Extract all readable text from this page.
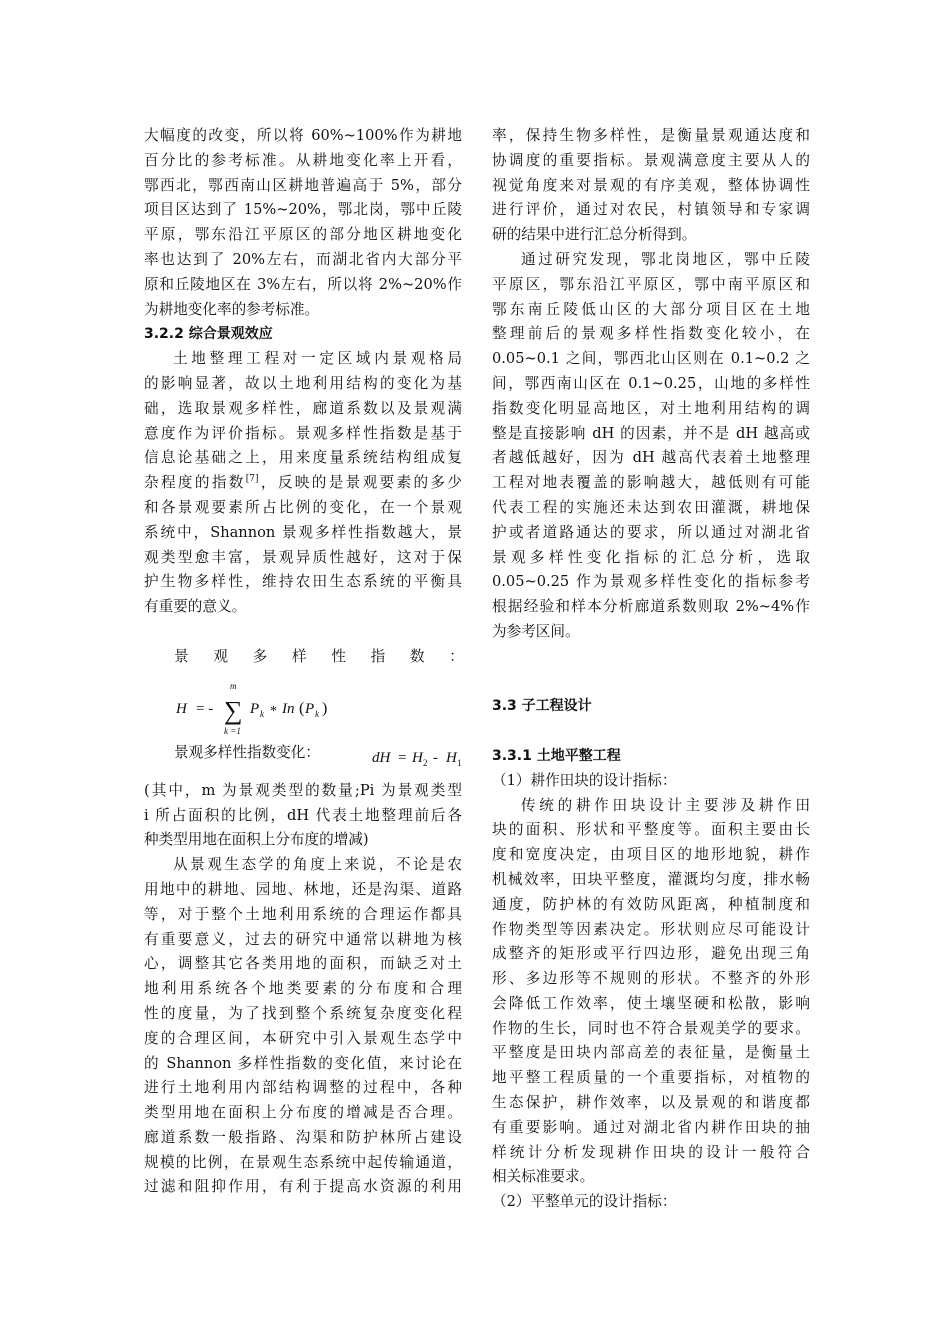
大幅度的改变，所以将 60%~100%作为耕地
百分比的参考标准。从耕地变化率上开看，
鄂西北，鄂西南山区耕地普遍高于 5%，部分
项目区达到了 15%~20%，鄂北岗，鄂中丘陵
平原，鄂东沿江平原区的部分地区耕地变化
率也达到了 20%左右，而湖北省内大部分平
原和丘陵地区在 3%左右，所以将 2%~20%作
为耕地变化率的参考标准。
3.2.2 综合景观效应
土地整理工程对一定区域内景观格局
的影响显著，故以土地利用结构的变化为基
础，选取景观多样性，廊道系数以及景观满
意度作为评价指标。景观多样性指数是基于
信息论基础之上，用来度量系统结构组成复
杂程度的指数[7]，反映的是景观要素的多少
和各景观要素所占比例的变化，在一个景观
系统中，Shannon 景观多样性指数越大，景
观类型愈丰富，景观异质性越好，这对于保
护生物多样性，维持农田生态系统的平衡具
有重要的意义。
景 观 多 样 性 指 数 ：
H = -
m
∑
k =1
P k * In ( P k )
景观多样性指数变化：	dH = H 2 - H 1
(其中，m 为景观类型的数量;Pi 为景观类型
i 所占面积的比例，dH 代表土地整理前后各
种类型用地在面积上分布度的增减)
从景观生态学的角度上来说，不论是农
用地中的耕地、园地、林地，还是沟渠、道路
等，对于整个土地利用系统的合理运作都具
有重要意义，过去的研究中通常以耕地为核
心，调整其它各类用地的面积，而缺乏对土
地利用系统各个地类要素的分布度和合理
性的度量，为了找到整个系统复杂度变化程
度的合理区间，本研究中引入景观生态学中
的 Shannon 多样性指数的变化值，来讨论在
进行土地利用内部结构调整的过程中，各种
类型用地在面积上分布度的增减是否合理。
廊道系数一般指路、沟渠和防护林所占建设
规模的比例，在景观生态系统中起传输通道，
过滤和阻抑作用，有利于提高水资源的利用
率，保持生物多样性，是衡量景观通达度和
协调度的重要指标。景观满意度主要从人的
视觉角度来对景观的有序美观，整体协调性
进行评价，通过对农民，村镇领导和专家调
研的结果中进行汇总分析得到。
通过研究发现，鄂北岗地区，鄂中丘陵
平原区，鄂东沿江平原区，鄂中南平原区和
鄂东南丘陵低山区的大部分项目区在土地
整理前后的景观多样性指数变化较小，在
0.05~0.1 之间，鄂西北山区则在 0.1~0.2 之
间，鄂西南山区在 0.1~0.25，山地的多样性
指数变化明显高地区，对土地利用结构的调
整是直接影响 dH 的因素，并不是 dH 越高或
者越低越好，因为 dH 越高代表着土地整理
工程对地表覆盖的影响越大，越低则有可能
代表工程的实施还未达到农田灌溉，耕地保
护或者道路通达的要求，所以通过对湖北省
景观多样性变化指标的汇总分析，选取
0.05~0.25 作为景观多样性变化的指标参考
根据经验和样本分析廊道系数则取 2%~4%作
为参考区间。
3.3 子工程设计
3.3.1 土地平整工程
（1）耕作田块的设计指标：
传统的耕作田块设计主要涉及耕作田
块的面积、形状和平整度等。面积主要由长
度和宽度决定，由项目区的地形地貌，耕作
机械效率，田块平整度，灌溉均匀度，排水畅
通度，防护林的有效防风距离，种植制度和
作物类型等因素决定。形状则应尽可能设计
成整齐的矩形或平行四边形，避免出现三角
形、多边形等不规则的形状。不整齐的外形
会降低工作效率，使土壤坚硬和松散，影响
作物的生长，同时也不符合景观美学的要求。
平整度是田块内部高差的表征量，是衡量土
地平整工程质量的一个重要指标，对植物的
生态保护，耕作效率，以及景观的和谐度都
有重要影响。通过对湖北省内耕作田块的抽
样统计分析发现耕作田块的设计一般符合
相关标准要求。
（2）平整单元的设计指标：
